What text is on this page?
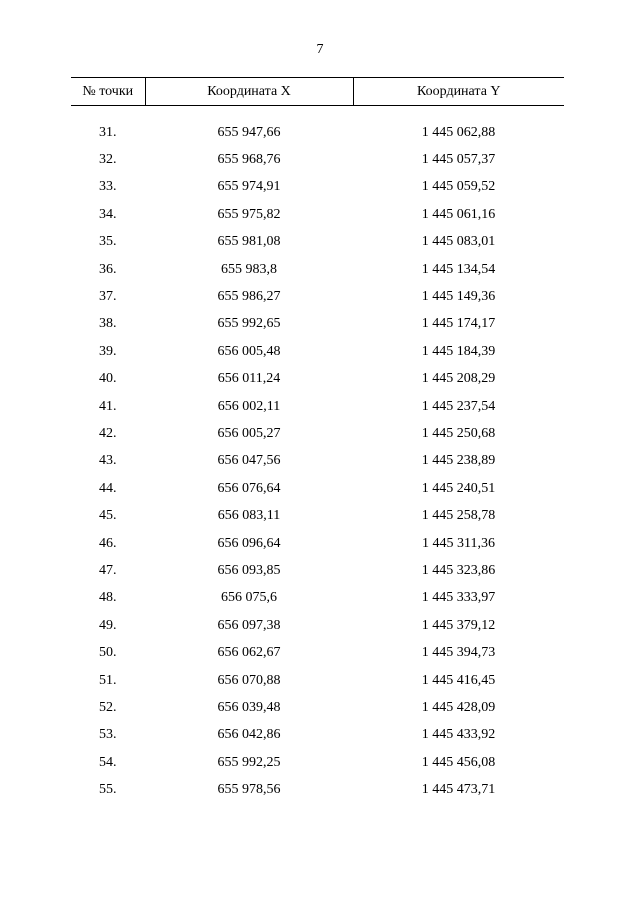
7
№ точки	Координата X	Координата Y

31.	655 947,66	1 445 062,88
32.	655 968,76	1 445 057,37
33.	655 974,91	1 445 059,52
34.	655 975,82	1 445 061,16
35.	655 981,08	1 445 083,01
36.	655 983,8	1 445 134,54
37.	655 986,27	1 445 149,36
38.	655 992,65	1 445 174,17
39.	656 005,48	1 445 184,39
40.	656 011,24	1 445 208,29
41.	656 002,11	1 445 237,54
42.	656 005,27	1 445 250,68
43.	656 047,56	1 445 238,89
44.	656 076,64	1 445 240,51
45.	656 083,11	1 445 258,78
46.	656 096,64	1 445 311,36
47.	656 093,85	1 445 323,86
48.	656 075,6	1 445 333,97
49.	656 097,38	1 445 379,12
50.	656 062,67	1 445 394,73
51.	656 070,88	1 445 416,45
52.	656 039,48	1 445 428,09
53.	656 042,86	1 445 433,92
54.	655 992,25	1 445 456,08
55.	655 978,56	1 445 473,71
